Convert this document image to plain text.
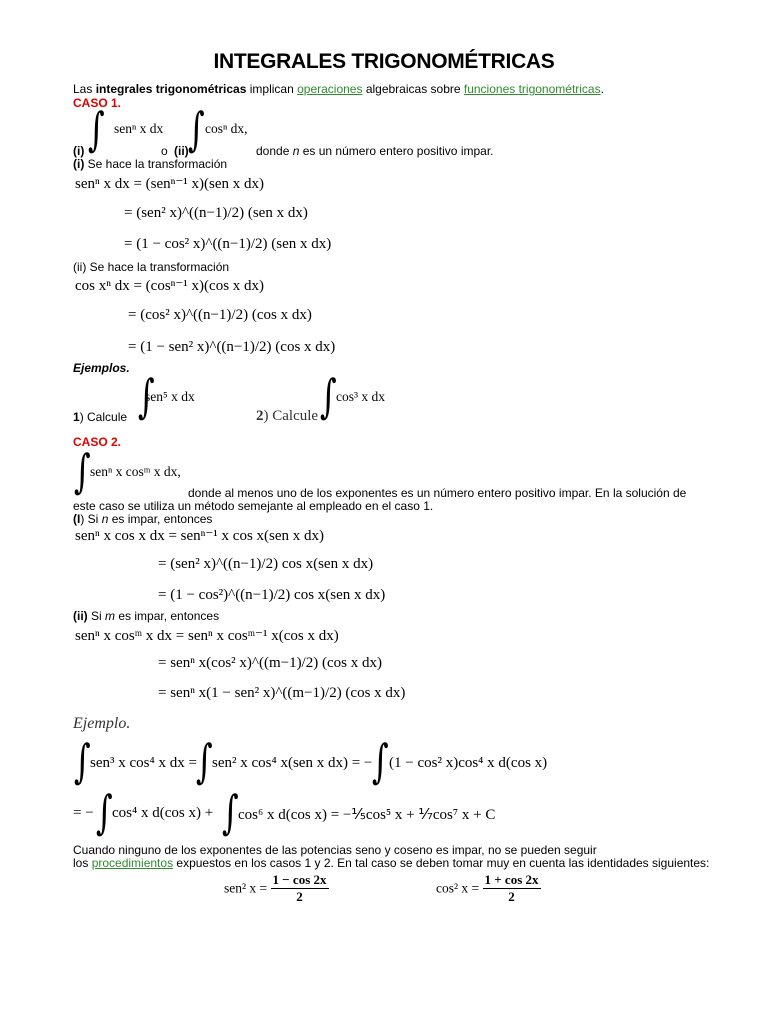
INTEGRALES TRIGONOMÉTRICAS
Las integrales trigonométricas implican operaciones algebraicas sobre funciones trigonométricas.
CASO 1.
∫ senⁿ x dx ∫ cosⁿ dx,
(i)	o (ii)	donde n es un número entero positivo impar.
(i) Se hace la transformación
senⁿ x dx = (senⁿ⁻¹ x)(sen x dx)
= (sen² x)^((n−1)/2) (sen x dx)
= (1 − cos² x)^((n−1)/2) (sen x dx)
(ii) Se hace la transformación
cos xⁿ dx = (cosⁿ⁻¹ x)(cos x dx)
= (cos² x)^((n−1)/2) (cos x dx)
= (1 − sen² x)^((n−1)/2) (cos x dx)
Ejemplos.
∫
sen⁵ x dx	∫ cos³ x dx
1) Calcule	2) Calcule
CASO 2.
∫ senⁿ x cosᵐ x dx,
donde al menos uno de los exponentes es un número entero positivo impar. En la solución de
este caso se utiliza un método semejante al empleado en el caso 1.
(I) Si n es impar, entonces
senⁿ x cos x dx = senⁿ⁻¹ x cos x(sen x dx)
= (sen² x)^((n−1)/2) cos x(sen x dx)
= (1 − cos²)^((n−1)/2) cos x(sen x dx)
(ii) Si m es impar, entonces
senⁿ x cosᵐ x dx = senⁿ x cosᵐ⁻¹ x(cos x dx)
= senⁿ x(cos² x)^((m−1)/2) (cos x dx)
= senⁿ x(1 − sen² x)^((m−1)/2) (cos x dx)
Ejemplo.
∫ sen³ x cos⁴ x dx = ∫ sen² x cos⁴ x(sen x dx) = − ∫ (1 − cos² x)cos⁴ x d(cos x)
= − ∫ cos⁴ x d(cos x) + ∫ cos⁶ x d(cos x) = −⅕cos⁵ x + ⅐cos⁷ x + C
Cuando ninguno de los exponentes de las potencias seno y coseno es impar, no se pueden seguir
los procedimientos expuestos en los casos 1 y 2. En tal caso se deben tomar muy en cuenta las identidades siguientes:
sen² $x = \frac{1 - \cos 2x}{2}$	cos² $x = \frac{1 + \cos 2x}{2}$
